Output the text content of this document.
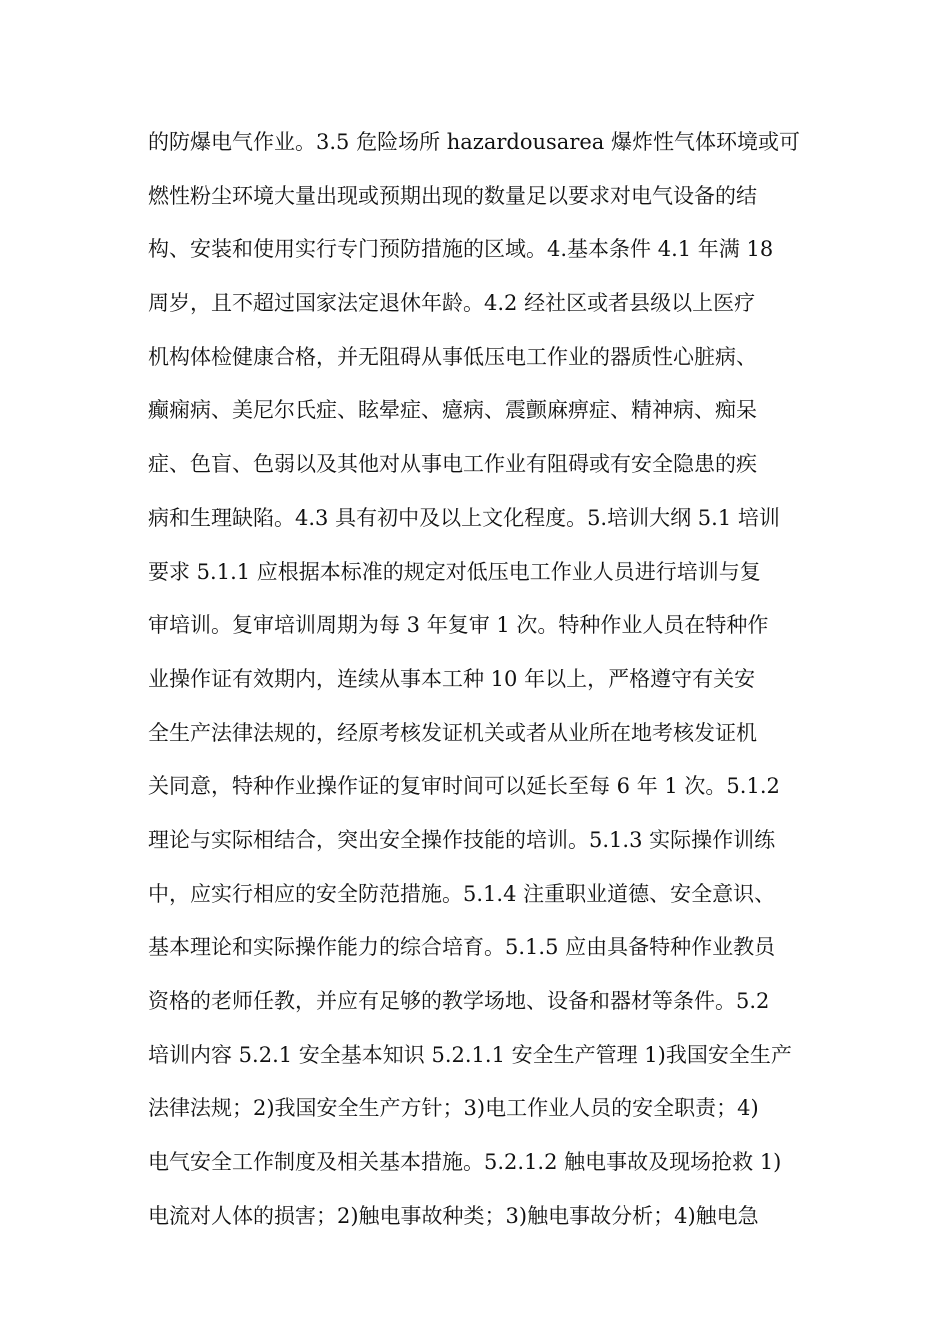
的防爆电气作业。3.5 危险场所 hazardousarea 爆炸性气体环境或可
燃性粉尘环境大量出现或预期出现的数量足以要求对电气设备的结
构、安装和使用实行专门预防措施的区域。4.基本条件 4.1 年满 18
周岁，且不超过国家法定退休年龄。4.2 经社区或者县级以上医疗
机构体检健康合格，并无阻碍从事低压电工作业的器质性心脏病、
癫痫病、美尼尔氏症、眩晕症、癔病、震颤麻痹症、精神病、痴呆
症、色盲、色弱以及其他对从事电工作业有阻碍或有安全隐患的疾
病和生理缺陷。4.3 具有初中及以上文化程度。5.培训大纲 5.1 培训
要求 5.1.1 应根据本标准的规定对低压电工作业人员进行培训与复
审培训。复审培训周期为每 3 年复审 1 次。特种作业人员在特种作
业操作证有效期内，连续从事本工种 10 年以上，严格遵守有关安
全生产法律法规的，经原考核发证机关或者从业所在地考核发证机
关同意，特种作业操作证的复审时间可以延长至每 6 年 1 次。5.1.2
理论与实际相结合，突出安全操作技能的培训。5.1.3 实际操作训练
中，应实行相应的安全防范措施。5.1.4 注重职业道德、安全意识、
基本理论和实际操作能力的综合培育。5.1.5 应由具备特种作业教员
资格的老师任教，并应有足够的教学场地、设备和器材等条件。5.2
培训内容 5.2.1 安全基本知识 5.2.1.1 安全生产管理 1)我国安全生产
法律法规；2)我国安全生产方针；3)电工作业人员的安全职责；4)
电气安全工作制度及相关基本措施。5.2.1.2 触电事故及现场抢救 1)
电流对人体的损害；2)触电事故种类；3)触电事故分析；4)触电急
